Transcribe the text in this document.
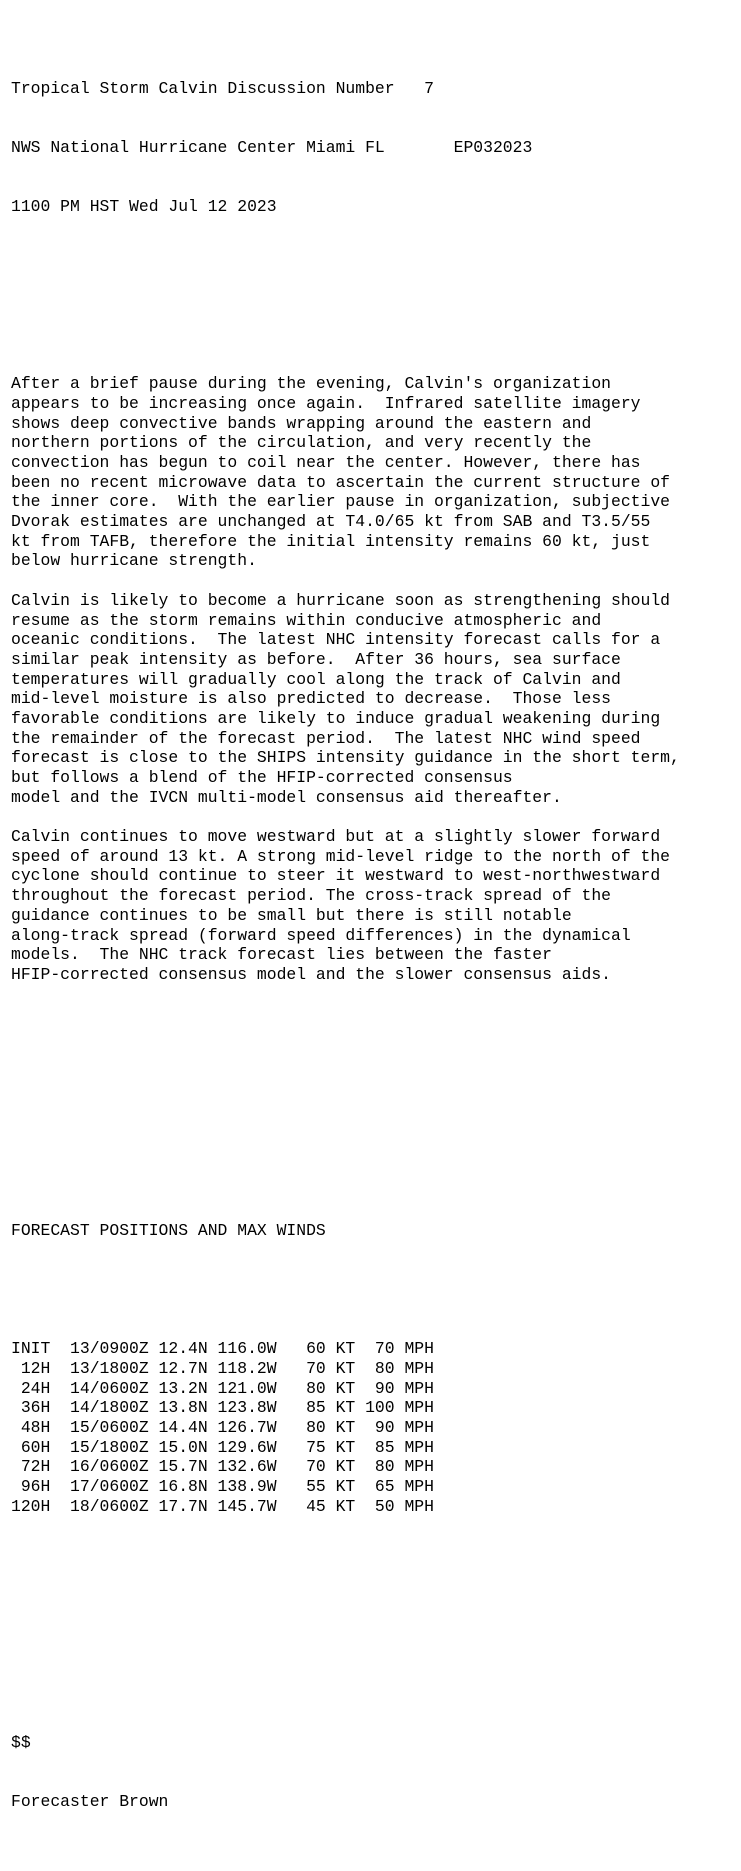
Tropical Storm Calvin Discussion Number   7

NWS National Hurricane Center Miami FL       EP032023

1100 PM HST Wed Jul 12 2023

After a brief pause during the evening, Calvin's organization
appears to be increasing once again.  Infrared satellite imagery
shows deep convective bands wrapping around the eastern and
northern portions of the circulation, and very recently the
convection has begun to coil near the center. However, there has
been no recent microwave data to ascertain the current structure of
the inner core.  With the earlier pause in organization, subjective
Dvorak estimates are unchanged at T4.0/65 kt from SAB and T3.5/55
kt from TAFB, therefore the initial intensity remains 60 kt, just
below hurricane strength.
Calvin is likely to become a hurricane soon as strengthening should
resume as the storm remains within conducive atmospheric and
oceanic conditions.  The latest NHC intensity forecast calls for a
similar peak intensity as before.  After 36 hours, sea surface
temperatures will gradually cool along the track of Calvin and
mid-level moisture is also predicted to decrease.  Those less
favorable conditions are likely to induce gradual weakening during
the remainder of the forecast period.  The latest NHC wind speed
forecast is close to the SHIPS intensity guidance in the short term,
but follows a blend of the HFIP-corrected consensus
model and the IVCN multi-model consensus aid thereafter.
Calvin continues to move westward but at a slightly slower forward
speed of around 13 kt. A strong mid-level ridge to the north of the
cyclone should continue to steer it westward to west-northwestward
throughout the forecast period. The cross-track spread of the
guidance continues to be small but there is still notable
along-track spread (forward speed differences) in the dynamical
models.  The NHC track forecast lies between the faster
HFIP-corrected consensus model and the slower consensus aids.

FORECAST POSITIONS AND MAX WINDS

INIT  13/0900Z 12.4N 116.0W   60 KT  70 MPH
12H  13/1800Z 12.7N 118.2W   70 KT  80 MPH
24H  14/0600Z 13.2N 121.0W   80 KT  90 MPH
36H  14/1800Z 13.8N 123.8W   85 KT 100 MPH
48H  15/0600Z 14.4N 126.7W   80 KT  90 MPH
60H  15/1800Z 15.0N 129.6W   75 KT  85 MPH
72H  16/0600Z 15.7N 132.6W   70 KT  80 MPH
96H  17/0600Z 16.8N 138.9W   55 KT  65 MPH
120H  18/0600Z 17.7N 145.7W   45 KT  50 MPH

$$

Forecaster Brown
